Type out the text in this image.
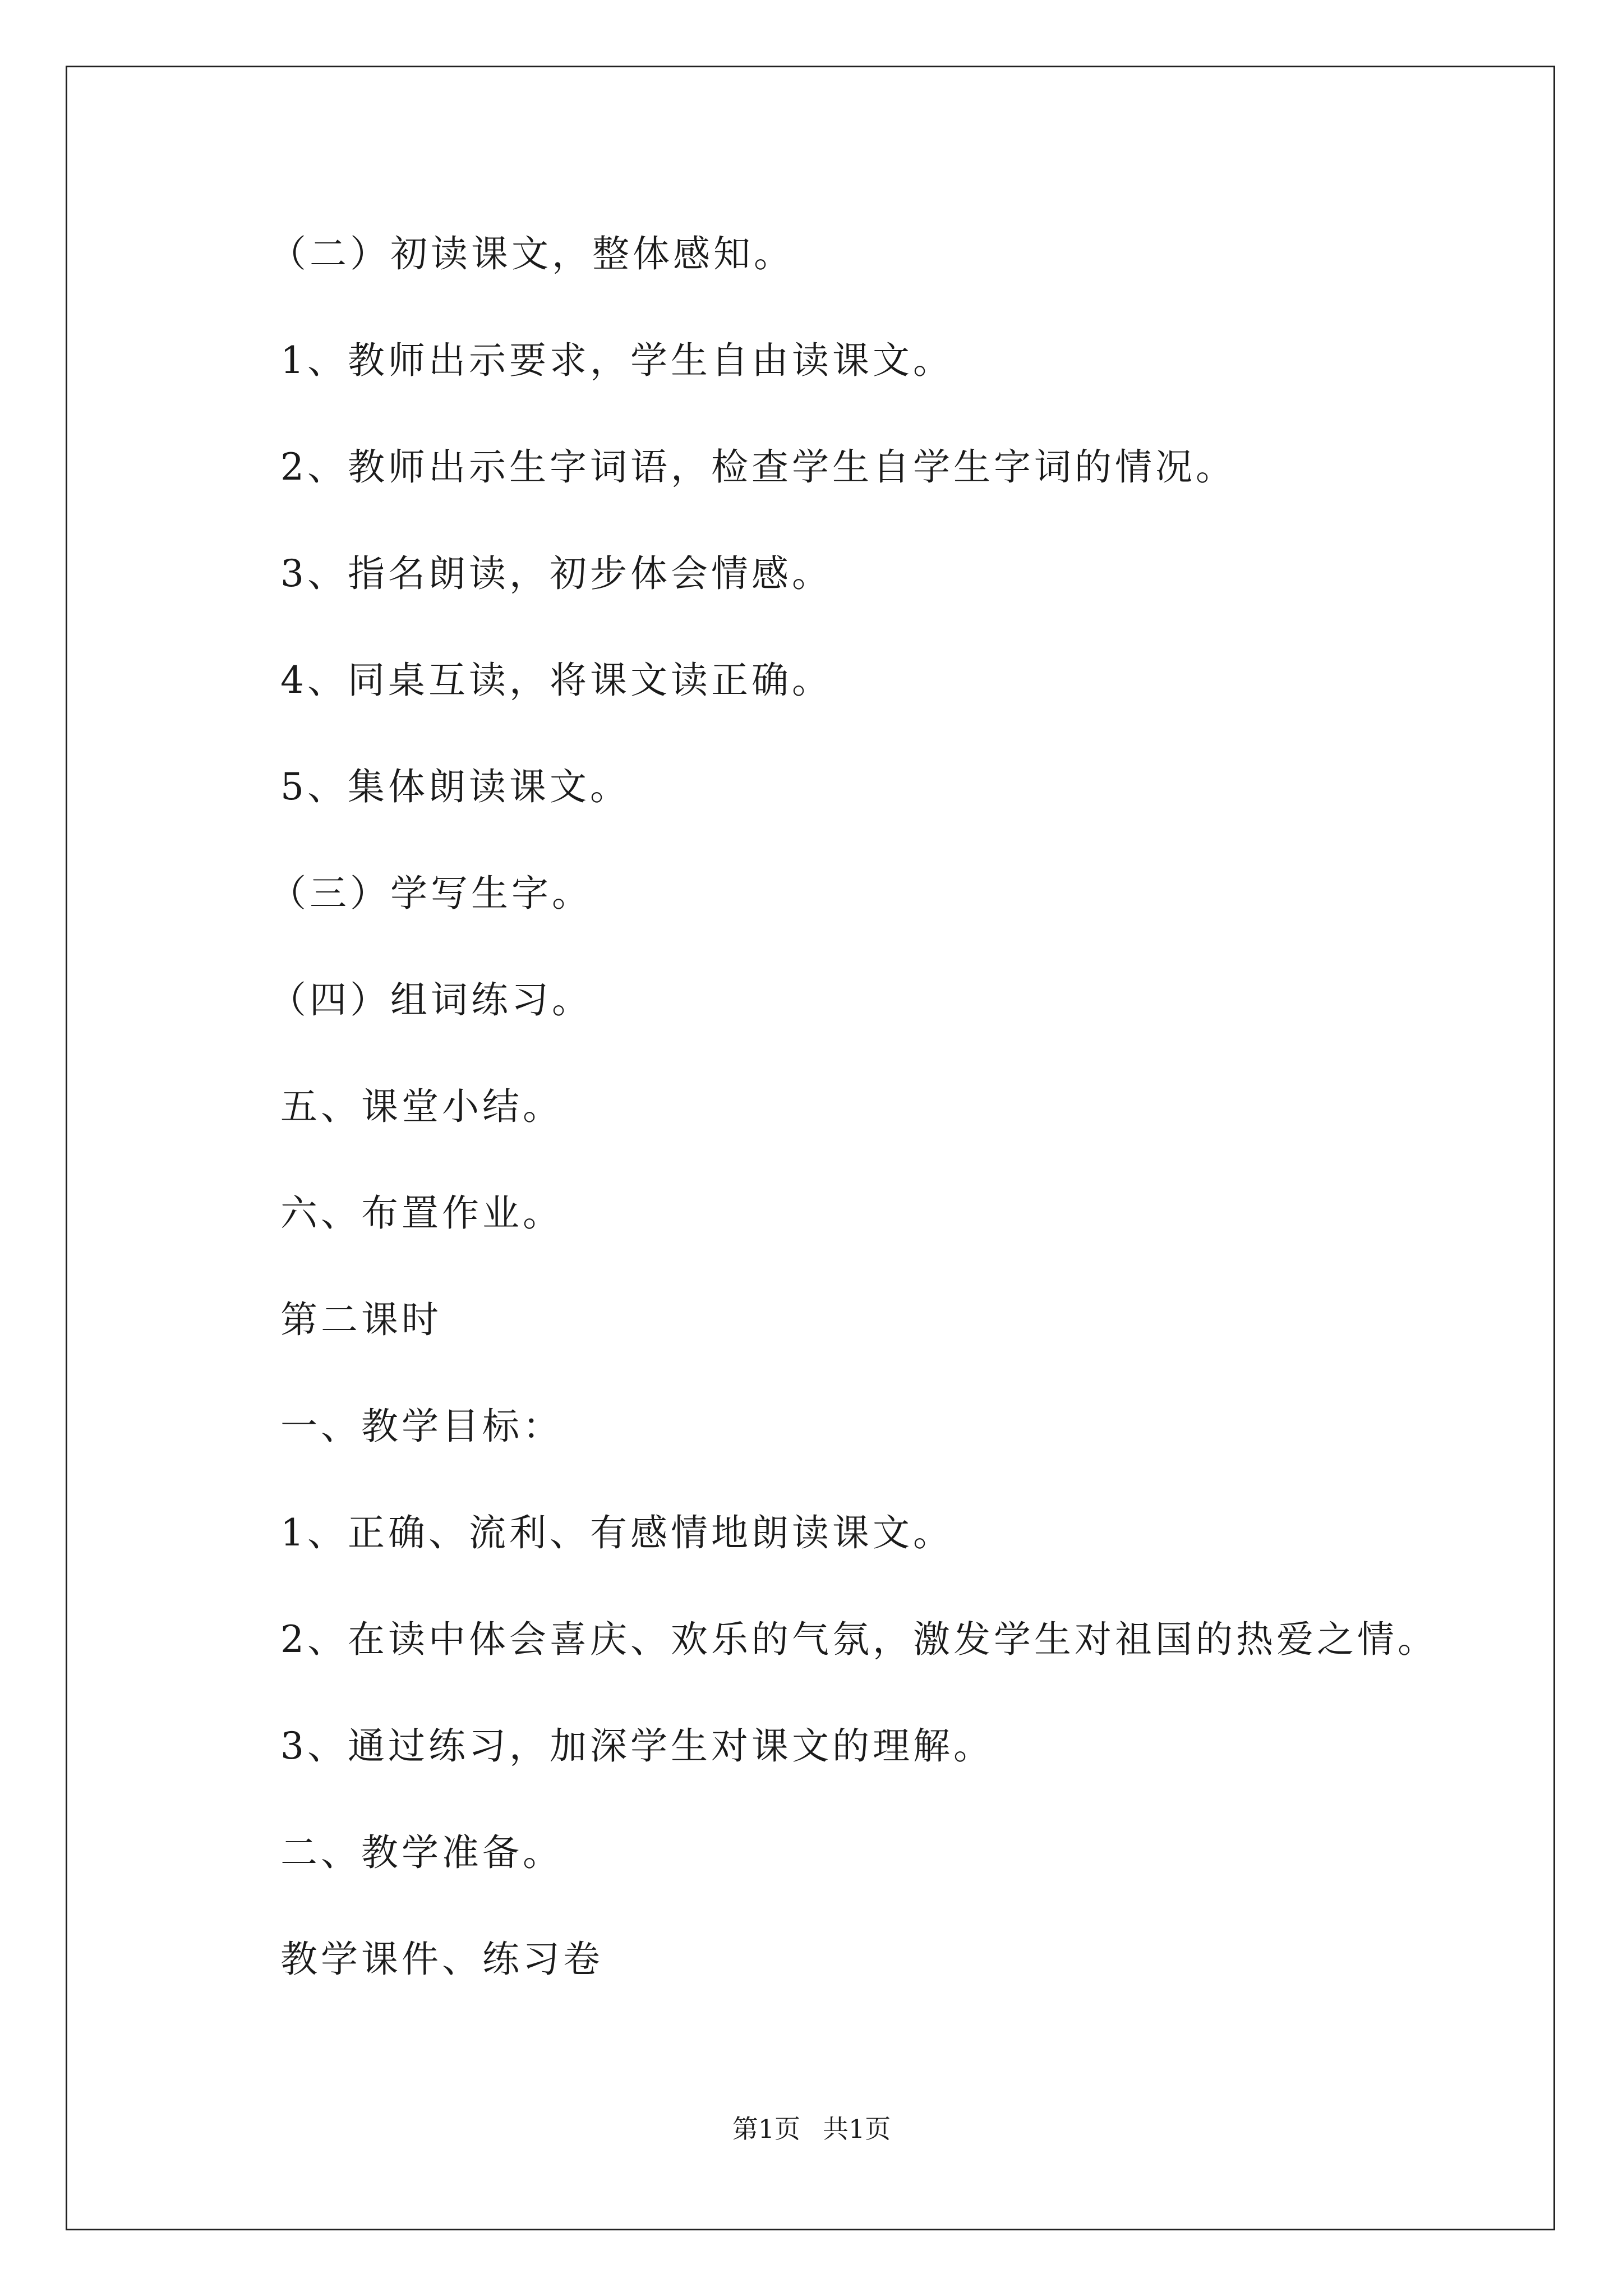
（二）初读课文，整体感知。
1、教师出示要求，学生自由读课文。
2、教师出示生字词语，检查学生自学生字词的情况。
3、指名朗读，初步体会情感。
4、同桌互读，将课文读正确。
5、集体朗读课文。
（三）学写生字。
（四）组词练习。
五、课堂小结。
六、布置作业。
第二课时
一、教学目标：
1、正确、流利、有感情地朗读课文。
2、在读中体会喜庆、欢乐的气氛，激发学生对祖国的热爱之情。
3、通过练习，加深学生对课文的理解。
二、教学准备。
教学课件、练习卷
第1页 共1页
